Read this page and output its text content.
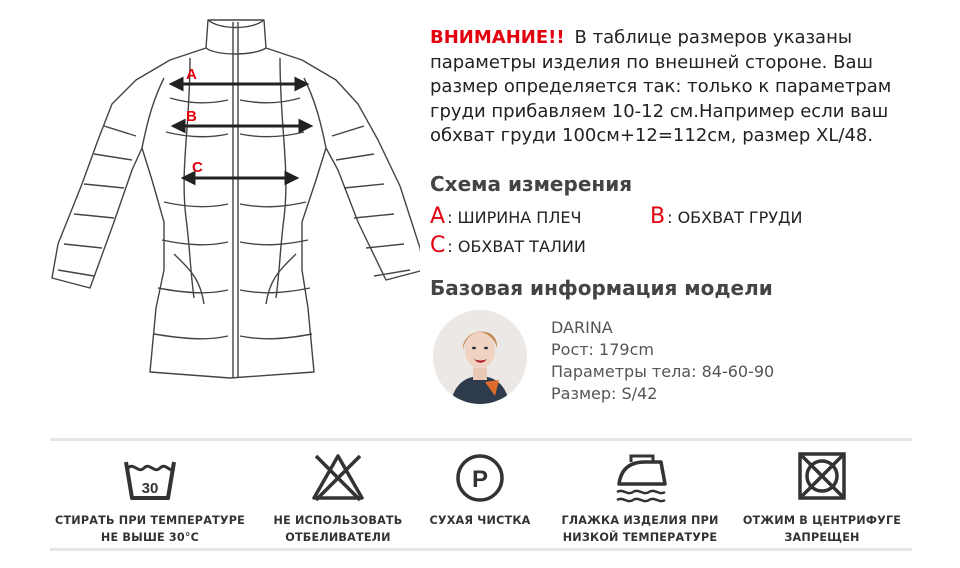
A
B
C
ВНИМАНИЕ!! В таблице размеров указаны
параметры изделия по внешней стороне. Ваш
размер определяется так: только к параметрам
груди прибавляем 10-12 см.Например если ваш
обхват груди 100см+12=112см, размер XL/48.
Схема измерения
A : ШИРИНА ПЛЕЧ	B : ОБХВАТ ГРУДИ
C : ОБХВАТ ТАЛИИ
Базовая информация модели
DARINA
Рост: 179cm
Параметры тела: 84-60-90
Размер: S/42
30
СТИРАТЬ ПРИ ТЕМПЕРАТУРЕ
НЕ ВЫШЕ 30°C
НЕ ИСПОЛЬЗОВАТЬ
ОТБЕЛИВАТЕЛИ
P
СУХАЯ ЧИСТКА	ГЛАЖКА ИЗДЕЛИЯ ПРИ
НИЗКОЙ ТЕМПЕРАТУРЕ
ОТЖИМ В ЦЕНТРИФУГЕ
ЗАПРЕЩЕН
